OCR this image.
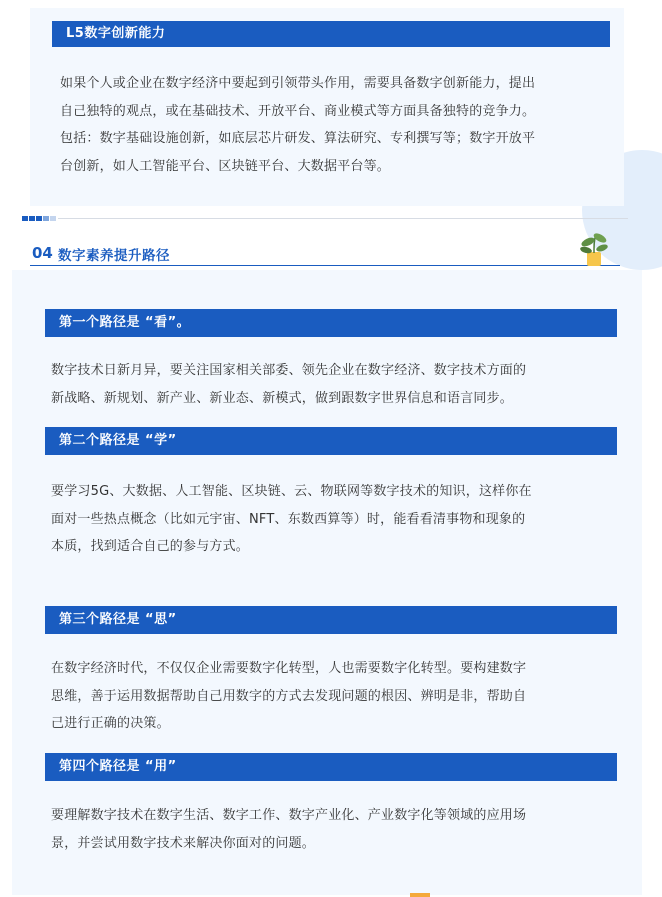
L5数字创新能力
如果个人或企业在数字经济中要起到引领带头作用，需要具备数字创新能力，提出
自己独特的观点，或在基础技术、开放平台、商业模式等方面具备独特的竞争力。
包括：数字基础设施创新，如底层芯片研发、算法研究、专利撰写等；数字开放平
台创新，如人工智能平台、区块链平台、大数据平台等。
04 数字素养提升路径
第一个路径是 “看”。
数字技术日新月异，要关注国家相关部委、领先企业在数字经济、数字技术方面的
新战略、新规划、新产业、新业态、新模式，做到跟数字世界信息和语言同步。
第二个路径是 “学”
要学习5G、大数据、人工智能、区块链、云、物联网等数字技术的知识，这样你在
面对一些热点概念（比如元宇宙、NFT、东数西算等）时，能看看清事物和现象的
本质，找到适合自己的参与方式。
第三个路径是 “思”
在数字经济时代，不仅仅企业需要数字化转型，人也需要数字化转型。要构建数字
思维，善于运用数据帮助自己用数字的方式去发现问题的根因、辨明是非，帮助自
己进行正确的决策。
第四个路径是 “用”
要理解数字技术在数字生活、数字工作、数字产业化、产业数字化等领域的应用场
景，并尝试用数字技术来解决你面对的问题。
